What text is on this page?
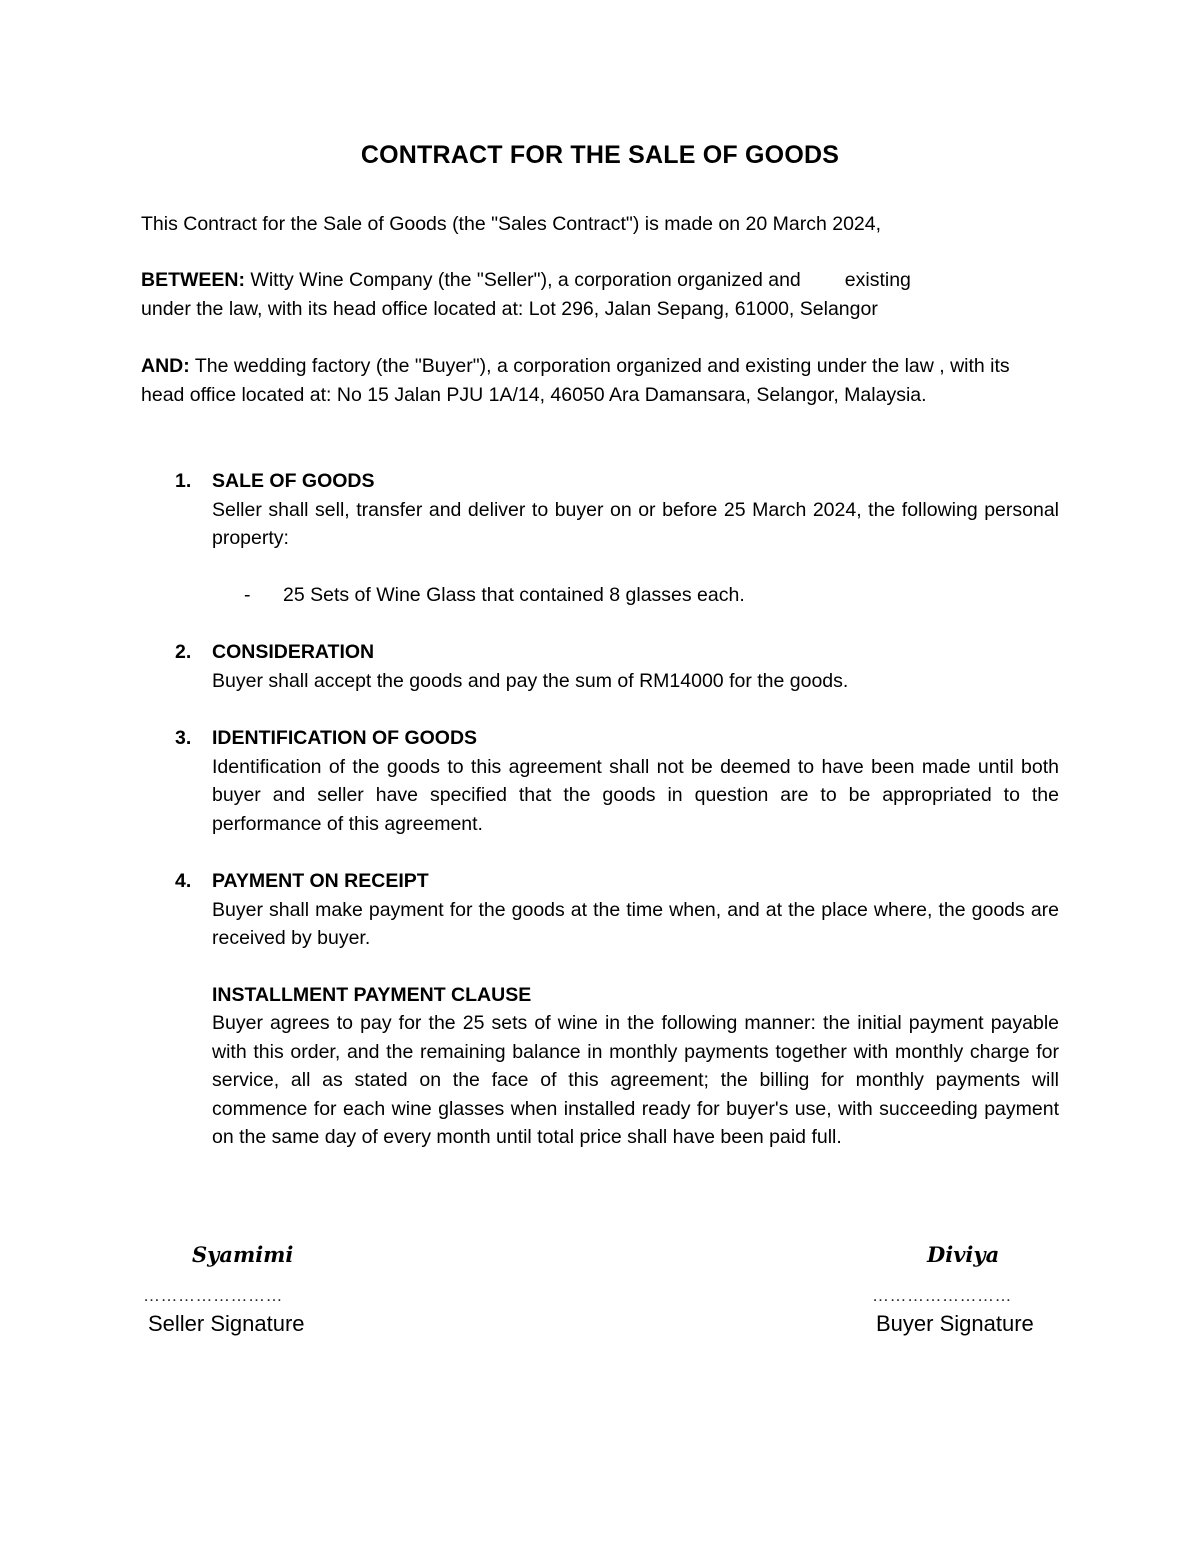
CONTRACT FOR THE SALE OF GOODS
This Contract for the Sale of Goods (the "Sales Contract") is made on 20 March 2024,
BETWEEN: Witty Wine Company (the "Seller"), a corporation organized and existing
under the law, with its head office located at: Lot 296, Jalan Sepang, 61000, Selangor
AND: The wedding factory (the "Buyer"), a corporation organized and existing under the law , with its head office located at: No 15 Jalan PJU 1A/14, 46050 Ara Damansara, Selangor, Malaysia.
1. SALE OF GOODS
Seller shall sell, transfer and deliver to buyer on or before 25 March 2024, the following personal property:
- 25 Sets of Wine Glass that contained 8 glasses each.
2. CONSIDERATION
Buyer shall accept the goods and pay the sum of RM14000 for the goods.
3. IDENTIFICATION OF GOODS
Identification of the goods to this agreement shall not be deemed to have been made until both buyer and seller have specified that the goods in question are to be appropriated to the performance of this agreement.
4. PAYMENT ON RECEIPT
Buyer shall make payment for the goods at the time when, and at the place where, the goods are received by buyer.
INSTALLMENT PAYMENT CLAUSE
Buyer agrees to pay for the 25 sets of wine in the following manner: the initial payment payable with this order, and the remaining balance in monthly payments together with monthly charge for service, all as stated on the face of this agreement; the billing for monthly payments will commence for each wine glasses when installed ready for buyer's use, with succeeding payment on the same day of every month until total price shall have been paid full.
Syamimi
……………………
Seller Signature
Diviya
……………………
Buyer Signature
